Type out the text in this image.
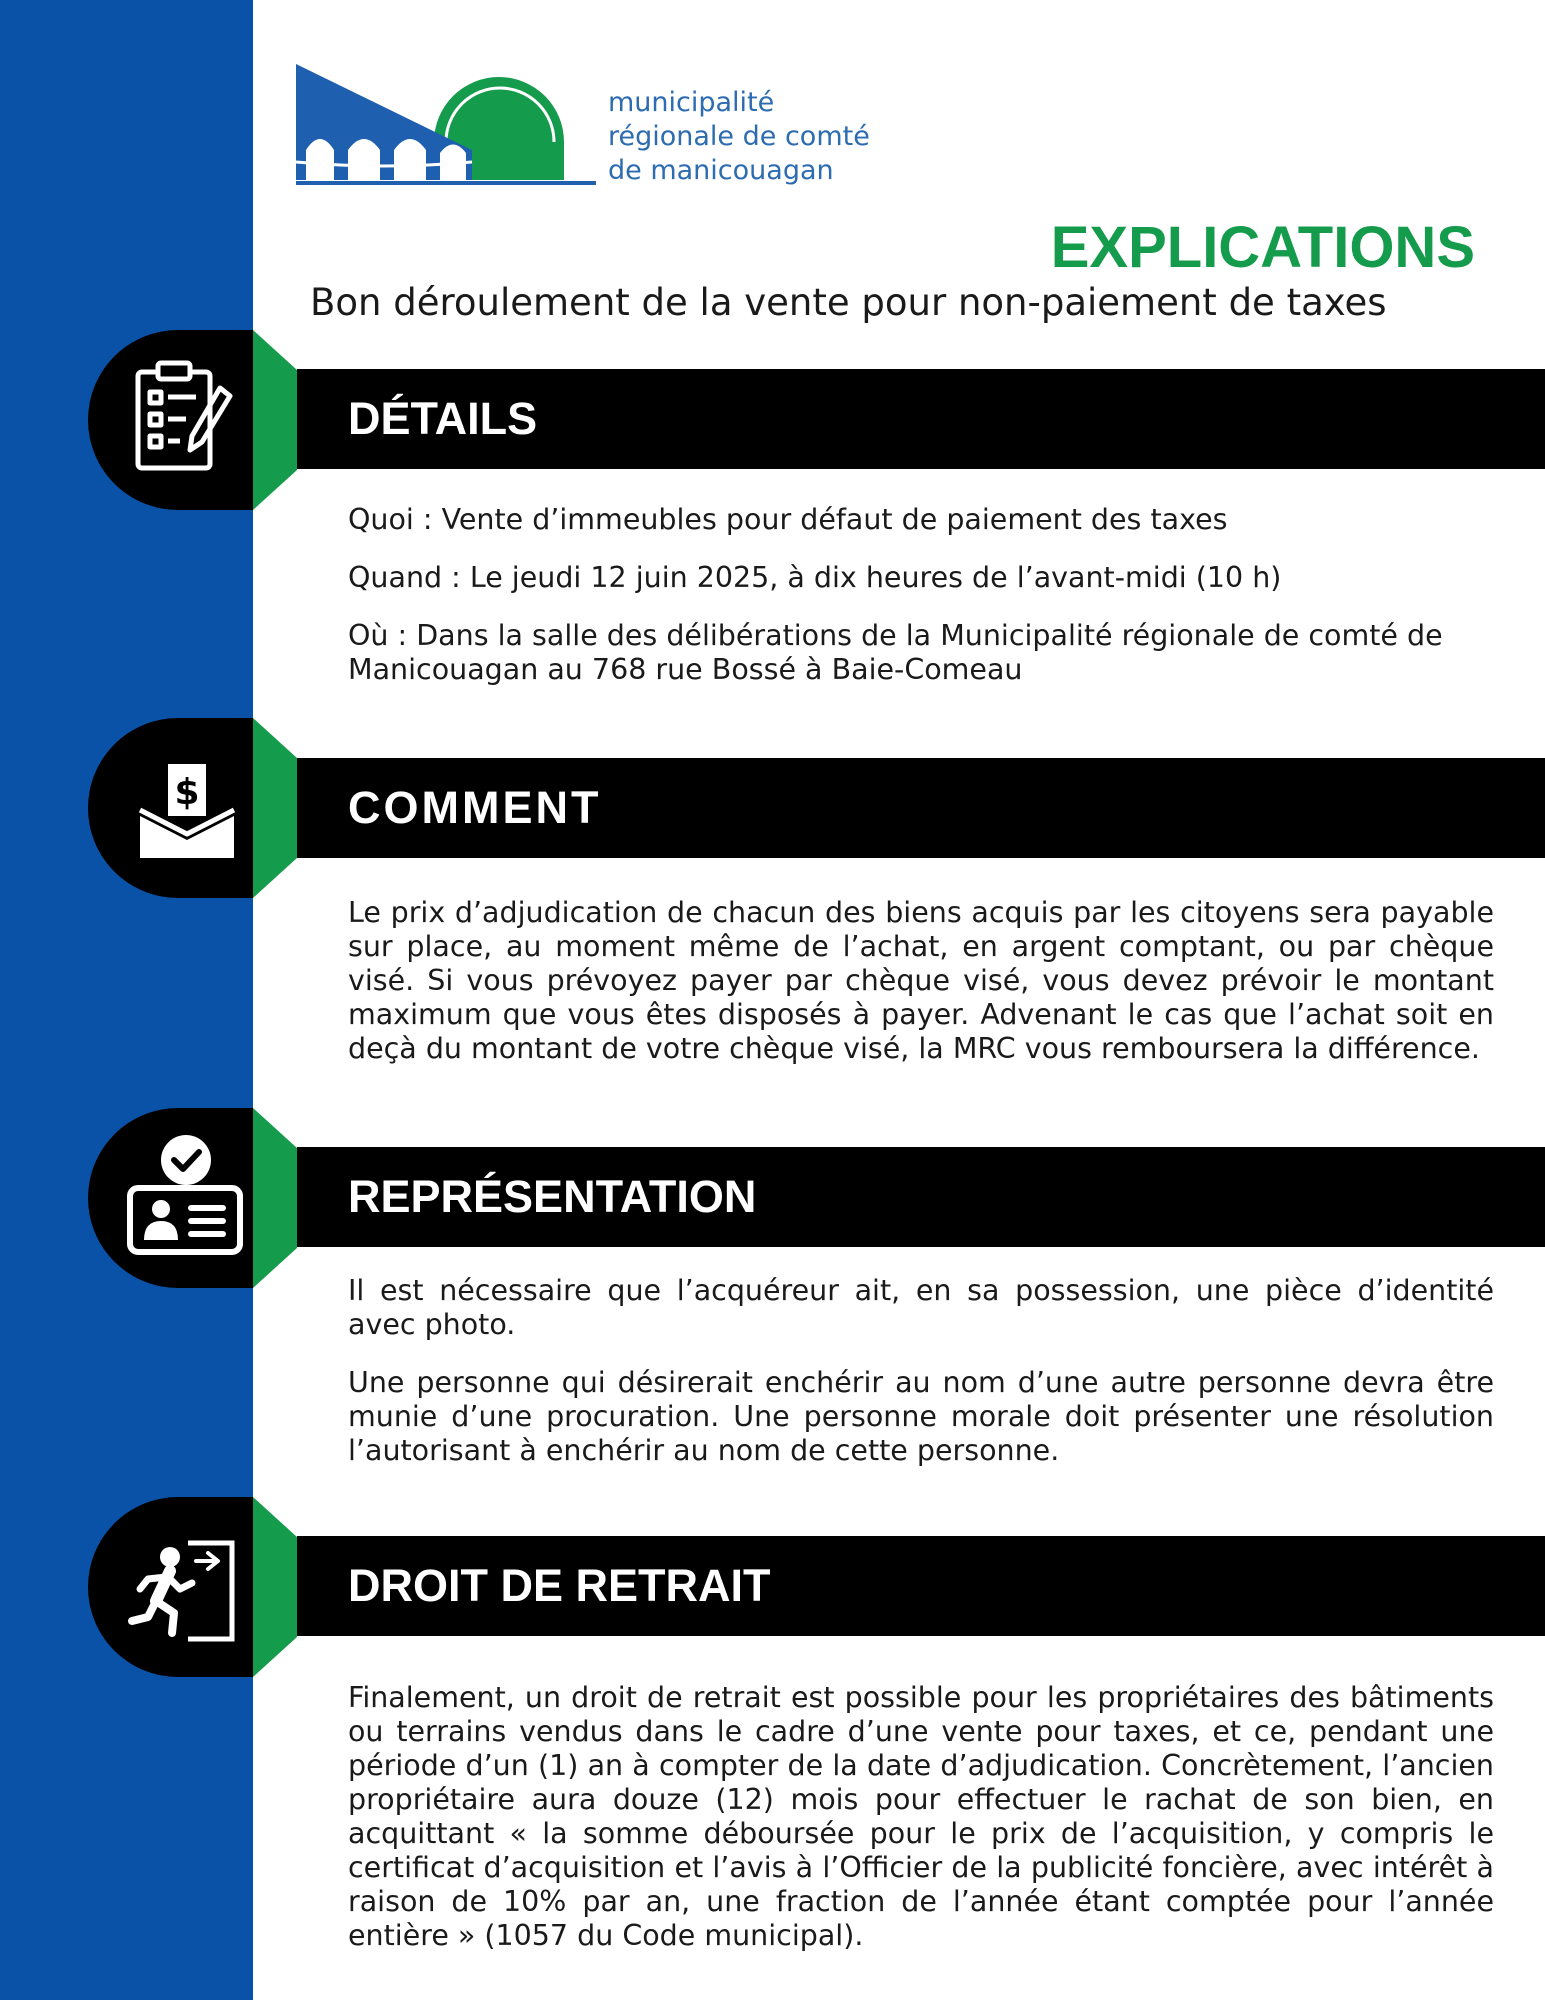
municipalité
régionale de comté
de manicouagan
EXPLICATIONS
Bon déroulement de la vente pour non-paiement de taxes
DÉTAILS

Quoi : Vente d’immeubles pour défaut de paiement des taxes

Quand : Le jeudi 12 juin 2025, à dix heures de l’avant-midi (10 h)

Où : Dans la salle des délibérations de la Municipalité régionale de comté de Manicouagan au 768 rue Bossé à Baie-Comeau

$	COMMENT

Le prix d’adjudication de chacun des biens acquis par les citoyens sera payable sur place, au moment même de l’achat, en argent comptant, ou par chèque visé. Si vous prévoyez payer par chèque visé, vous devez prévoir le montant maximum que vous êtes disposés à payer. Advenant le cas que l’achat soit en deçà du montant de votre chèque visé, la MRC vous remboursera la différence.

REPRÉSENTATION

Il est nécessaire que l’acquéreur ait, en sa possession, une pièce d’identité avec photo.

Une personne qui désirerait enchérir au nom d’une autre personne devra être munie d’une procuration. Une personne morale doit présenter une résolution l’autorisant à enchérir au nom de cette personne.

DROIT DE RETRAIT

Finalement, un droit de retrait est possible pour les propriétaires des bâtiments ou terrains vendus dans le cadre d’une vente pour taxes, et ce, pendant une période d’un (1) an à compter de la date d’adjudication. Concrètement, l’ancien propriétaire aura douze (12) mois pour effectuer le rachat de son bien, en acquittant « la somme déboursée pour le prix de l’acquisition, y compris le certificat d’acquisition et l’avis à l’Officier de la publicité foncière, avec intérêt à raison de 10% par an, une fraction de l’année étant comptée pour l’année entière » (1057 du Code municipal).
